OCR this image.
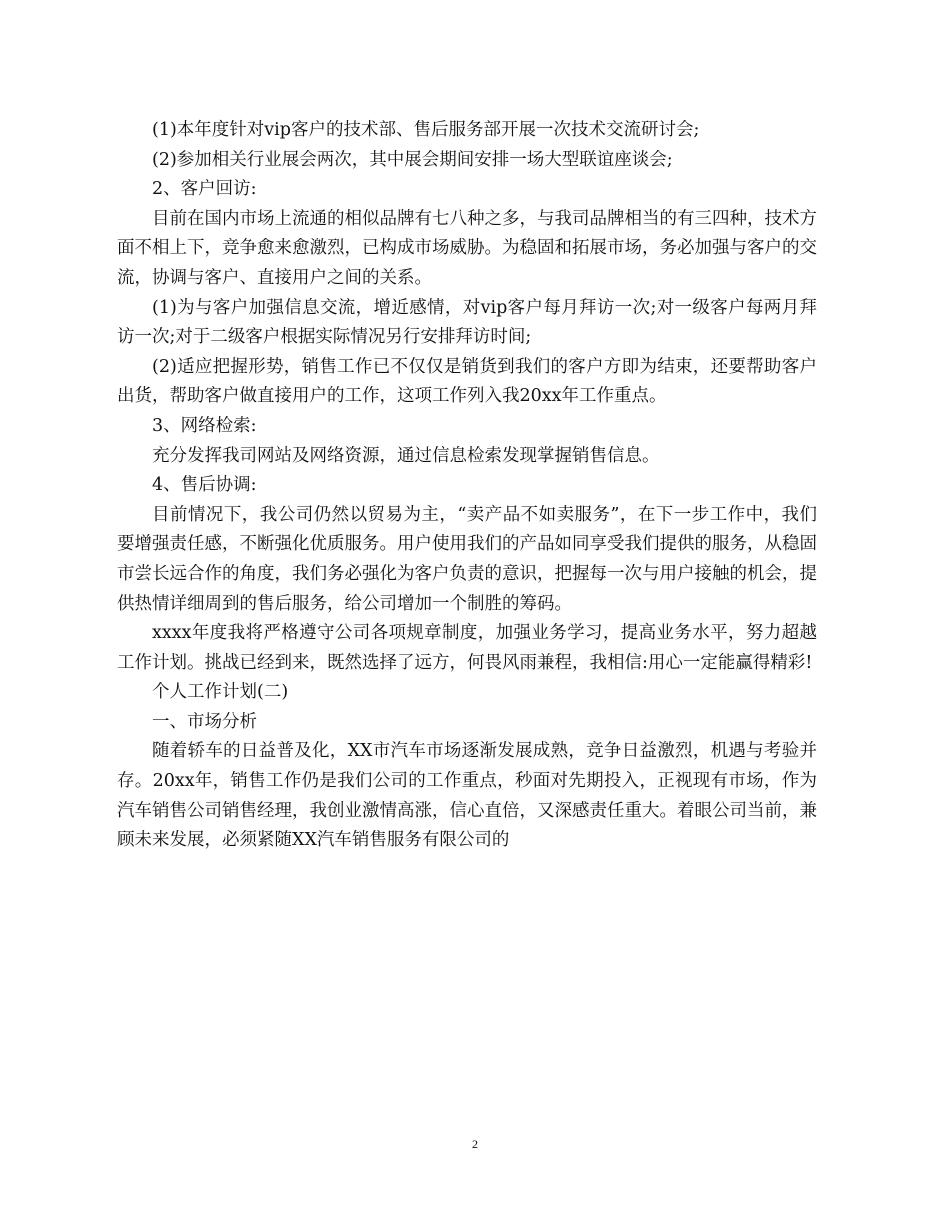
(1)本年度针对vip客户的技术部、售后服务部开展一次技术交流研讨会;

(2)参加相关行业展会两次，其中展会期间安排一场大型联谊座谈会;

2、客户回访:

目前在国内市场上流通的相似品牌有七八种之多，与我司品牌相当的有三四种，技术方面不相上下，竞争愈来愈激烈，已构成市场威胁。为稳固和拓展市场，务必加强与客户的交流，协调与客户、直接用户之间的关系。

(1)为与客户加强信息交流，增近感情，对vip客户每月拜访一次;对一级客户每两月拜访一次;对于二级客户根据实际情况另行安排拜访时间;

(2)适应把握形势，销售工作已不仅仅是销货到我们的客户方即为结束，还要帮助客户出货，帮助客户做直接用户的工作，这项工作列入我20xx年工作重点。

3、网络检索:

充分发挥我司网站及网络资源，通过信息检索发现掌握销售信息。

4、售后协调:

目前情况下，我公司仍然以贸易为主，“卖产品不如卖服务”，在下一步工作中，我们要增强责任感，不断强化优质服务。用户使用我们的产品如同享受我们提供的服务，从稳固市尝长远合作的角度，我们务必强化为客户负责的意识，把握每一次与用户接触的机会，提供热情详细周到的售后服务，给公司增加一个制胜的筹码。

xxxx年度我将严格遵守公司各项规章制度，加强业务学习，提高业务水平，努力超越工作计划。挑战已经到来，既然选择了远方，何畏风雨兼程，我相信:用心一定能赢得精彩!

个人工作计划(二)

一、市场分析

随着轿车的日益普及化，XX市汽车市场逐渐发展成熟，竞争日益激烈，机遇与考验并存。20xx年，销售工作仍是我们公司的工作重点，秒面对先期投入，正视现有市场，作为汽车销售公司销售经理，我创业激情高涨，信心直倍，又深感责任重大。着眼公司当前，兼顾未来发展，必须紧随XX汽车销售服务有限公司的

2
